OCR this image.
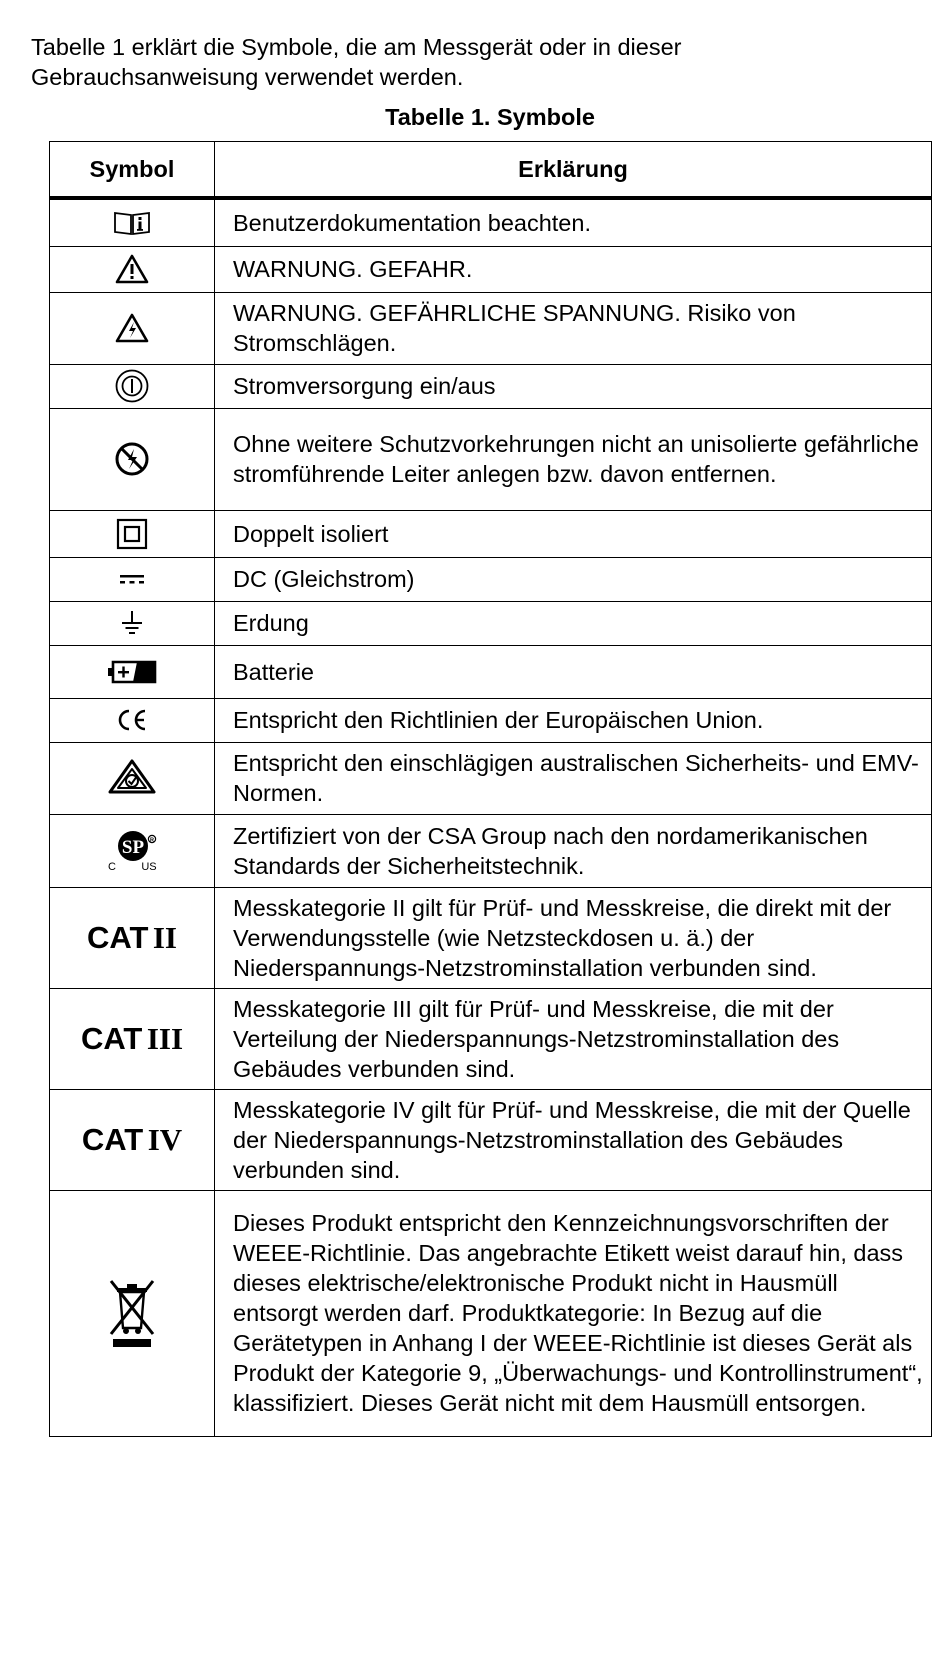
Tabelle 1 erklärt die Symbole, die am Messgerät oder in dieser Gebrauchsanweisung verwendet werden.
Tabelle 1. Symbole
Symbol	Erklärung

	Benutzerdokumentation beachten.

	WARNUNG. GEFAHR.

	WARNUNG. GEFÄHRLICHE SPANNUNG. Risiko von Stromschlägen.

	Stromversorgung ein/aus

	Ohne weitere Schutzvorkehrungen nicht an unisolierte gefährliche stromführende Leiter anlegen bzw. davon entfernen.

	Doppelt isoliert

	DC (Gleichstrom)

	Erdung

	Batterie

	Entspricht den Richtlinien der Europäischen Union.

	Entspricht den einschlägigen australischen Sicherheits- und EMV-Normen.

SP R
C US	Zertifiziert von der CSA Group nach den nordamerikanischen Standards der Sicherheitstechnik.
CAT II	Messkategorie II gilt für Prüf- und Messkreise, die direkt mit der Verwendungsstelle (wie Netzsteckdosen u. ä.) der Niederspannungs-Netzstrominstallation verbunden sind.
CAT III	Messkategorie III gilt für Prüf- und Messkreise, die mit der Verteilung der Niederspannungs-Netzstrominstallation des Gebäudes verbunden sind.
CAT IV	Messkategorie IV gilt für Prüf- und Messkreise, die mit der Quelle der Niederspannungs-Netzstrominstallation des Gebäudes verbunden sind.

	Dieses Produkt entspricht den Kennzeichnungsvorschriften der WEEE-Richtlinie. Das angebrachte Etikett weist darauf hin, dass dieses elektrische/elektronische Produkt nicht in Hausmüll entsorgt werden darf. Produktkategorie: In Bezug auf die Gerätetypen in Anhang I der WEEE-Richtlinie ist dieses Gerät als Produkt der Kategorie 9, „Überwachungs- und Kontrollinstrument“, klassifiziert. Dieses Gerät nicht mit dem Hausmüll entsorgen.
